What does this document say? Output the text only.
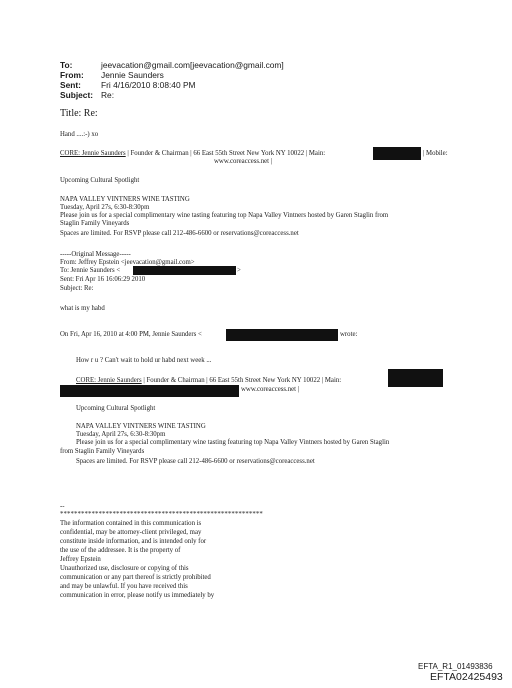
To:	jeevacation@gmail.com[jeevacation@gmail.com]
From: Jennie Saunders
Sent: Fri 4/16/2010 8:08:40 PM
Subject: Re:
Title: Re:
Hand ....:-) xo
CORE: Jennie Saunders | Founder & Chairman | 66 East 55th Street New York NY 10022 | Main:	| Mobile:
www.coreaccess.net |
Upcoming Cultural Spotlight
NAPA VALLEY VINTNERS WINE TASTING
Tuesday, April 27s, 6:30-8:30pm
Please join us for a special complimentary wine tasting featuring top Napa Valley Vintners hosted by Garen Staglin from
Staglin Family Vineyards
Spaces are limited. For RSVP please call 212-486-6600 or reservations@coreaccess.net
-----Original Message-----
From: Jeffrey Epstein <jeevacation@gmail.com>
To: Jennie Saunders <	>
Sent: Fri Apr 16 16:06:29 2010
Subject: Re:
what is my habd
On Fri, Apr 16, 2010 at 4:00 PM, Jennie Saunders <	wrote:
How r u ? Can't wait to hold ur habd next week ...
CORE: Jennie Saunders | Founder & Chairman | 66 East 55th Street New York NY 10022 | Main:
www.coreaccess.net |
Upcoming Cultural Spotlight
NAPA VALLEY VINTNERS WINE TASTING
Tuesday, April 27s, 6:30-8:30pm
Please join us for a special complimentary wine tasting featuring top Napa Valley Vintners hosted by Garen Staglin
from Staglin Family Vineyards
Spaces are limited. For RSVP please call 212-486-6600 or reservations@coreaccess.net
--
**********************************************************
The information contained in this communication is
confidential, may be attorney-client privileged, may
constitute inside information, and is intended only for
the use of the addressee. It is the property of
Jeffrey Epstein
Unauthorized use, disclosure or copying of this
communication or any part thereof is strictly prohibited
and may be unlawful. If you have received this
communication in error, please notify us immediately by
EFTA_R1_01493836
EFTA02425493
